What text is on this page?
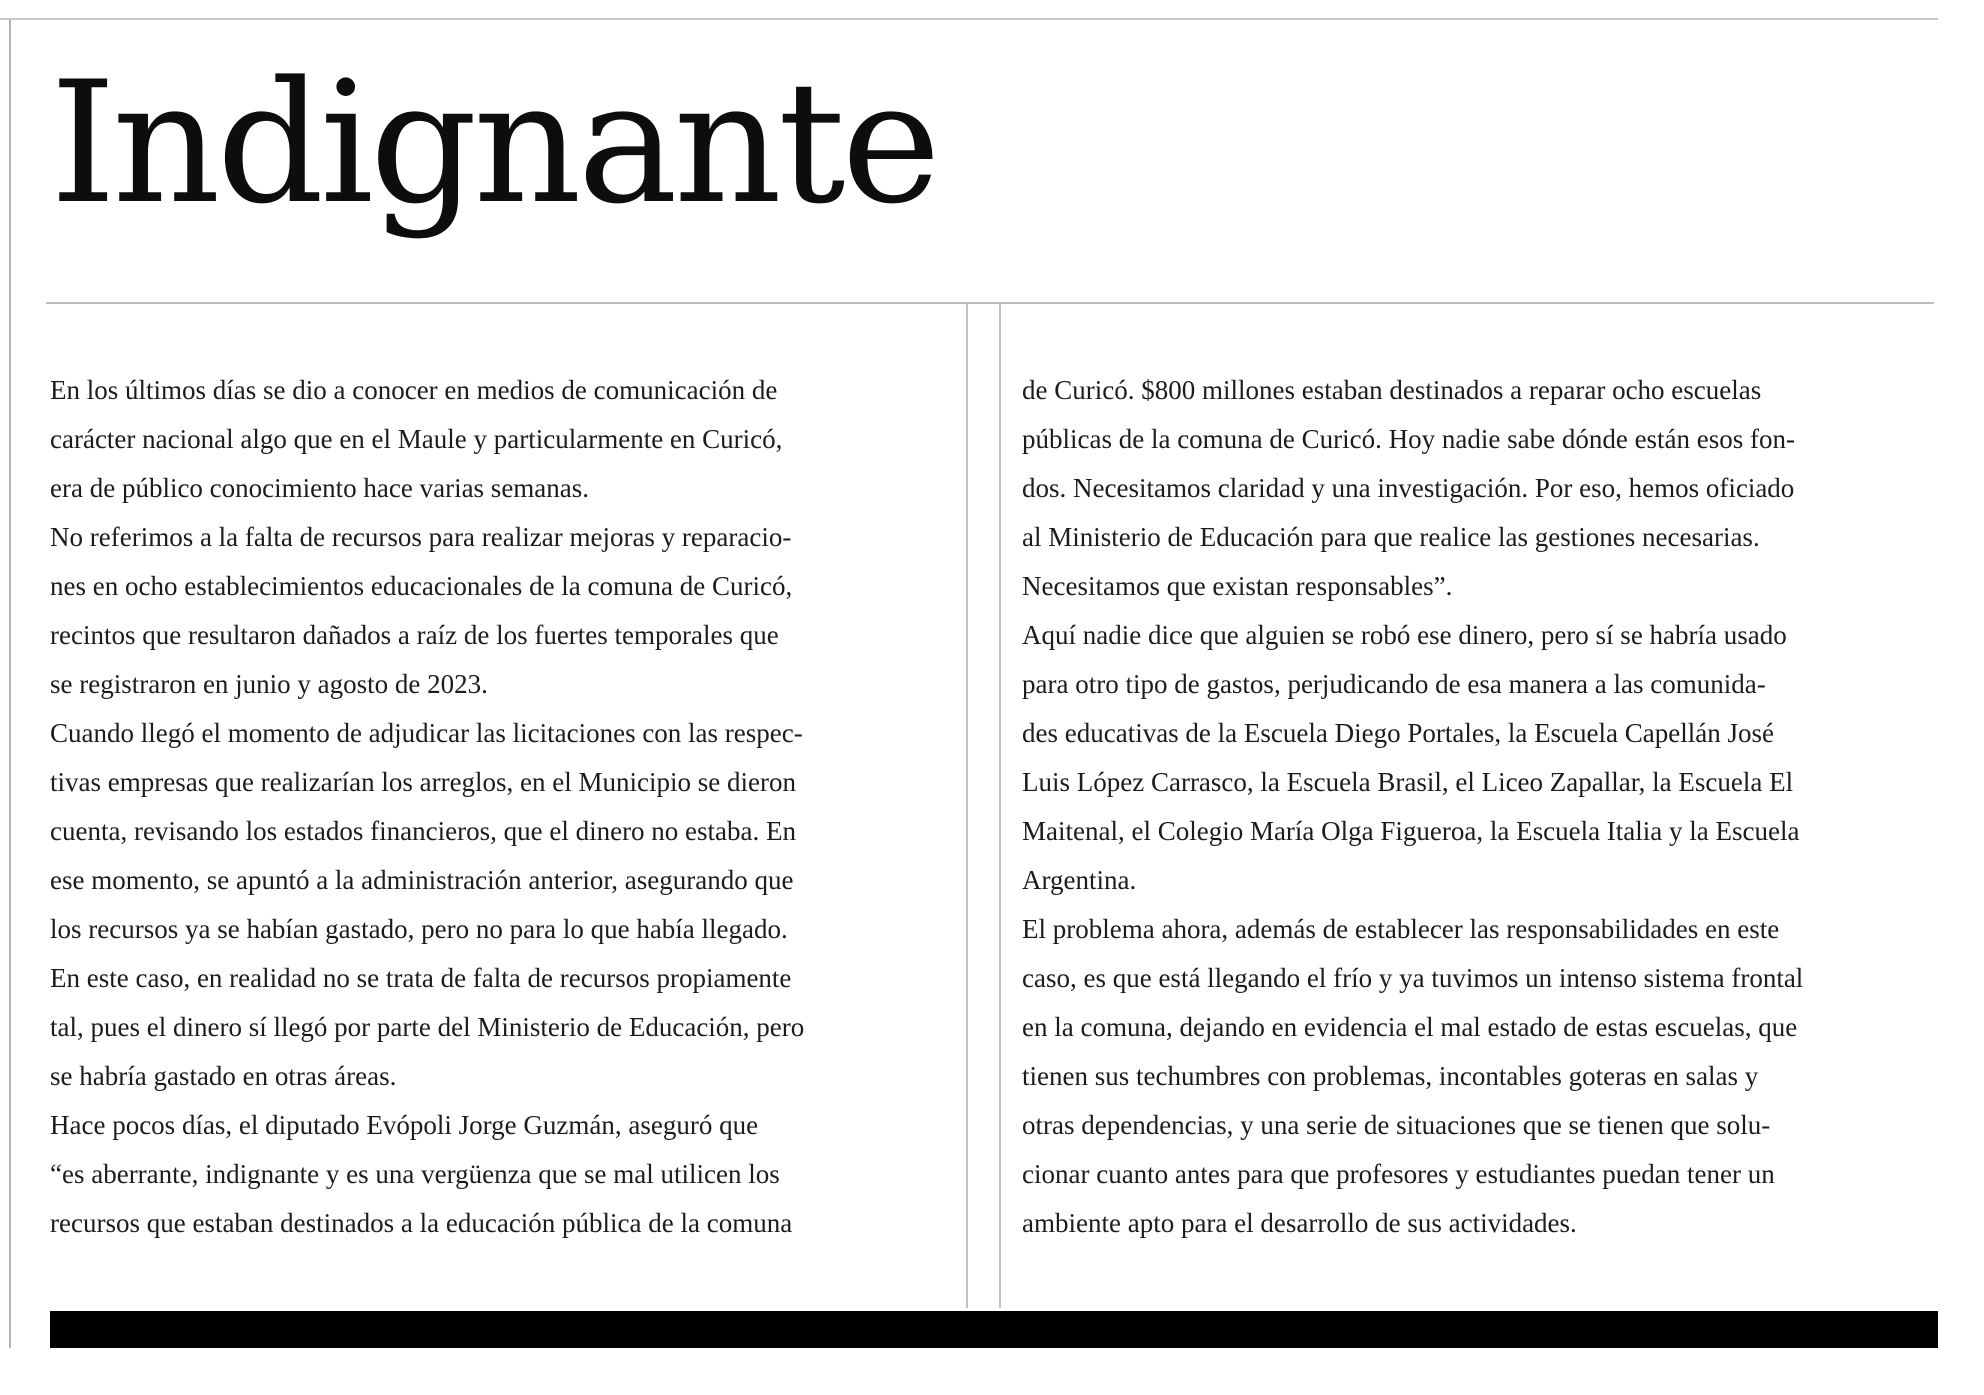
Indignante
En los últimos días se dio a conocer en medios de comunicación de
carácter nacional algo que en el Maule y particularmente en Curicó,
era de público conocimiento hace varias semanas.
No referimos a la falta de recursos para realizar mejoras y reparacio-
nes en ocho establecimientos educacionales de la comuna de Curicó,
recintos que resultaron dañados a raíz de los fuertes temporales que
se registraron en junio y agosto de 2023.
Cuando llegó el momento de adjudicar las licitaciones con las respec-
tivas empresas que realizarían los arreglos, en el Municipio se dieron
cuenta, revisando los estados financieros, que el dinero no estaba. En
ese momento, se apuntó a la administración anterior, asegurando que
los recursos ya se habían gastado, pero no para lo que había llegado.
En este caso, en realidad no se trata de falta de recursos propiamente
tal, pues el dinero sí llegó por parte del Ministerio de Educación, pero
se habría gastado en otras áreas.
Hace pocos días, el diputado Evópoli Jorge Guzmán, aseguró que
“es aberrante, indignante y es una vergüenza que se mal utilicen los
recursos que estaban destinados a la educación pública de la comuna
de Curicó. $800 millones estaban destinados a reparar ocho escuelas
públicas de la comuna de Curicó. Hoy nadie sabe dónde están esos fon-
dos. Necesitamos claridad y una investigación. Por eso, hemos oficiado
al Ministerio de Educación para que realice las gestiones necesarias.
Necesitamos que existan responsables”.
Aquí nadie dice que alguien se robó ese dinero, pero sí se habría usado
para otro tipo de gastos, perjudicando de esa manera a las comunida-
des educativas de la Escuela Diego Portales, la Escuela Capellán José
Luis López Carrasco, la Escuela Brasil, el Liceo Zapallar, la Escuela El
Maitenal, el Colegio María Olga Figueroa, la Escuela Italia y la Escuela
Argentina.
El problema ahora, además de establecer las responsabilidades en este
caso, es que está llegando el frío y ya tuvimos un intenso sistema frontal
en la comuna, dejando en evidencia el mal estado de estas escuelas, que
tienen sus techumbres con problemas, incontables goteras en salas y
otras dependencias, y una serie de situaciones que se tienen que solu-
cionar cuanto antes para que profesores y estudiantes puedan tener un
ambiente apto para el desarrollo de sus actividades.
